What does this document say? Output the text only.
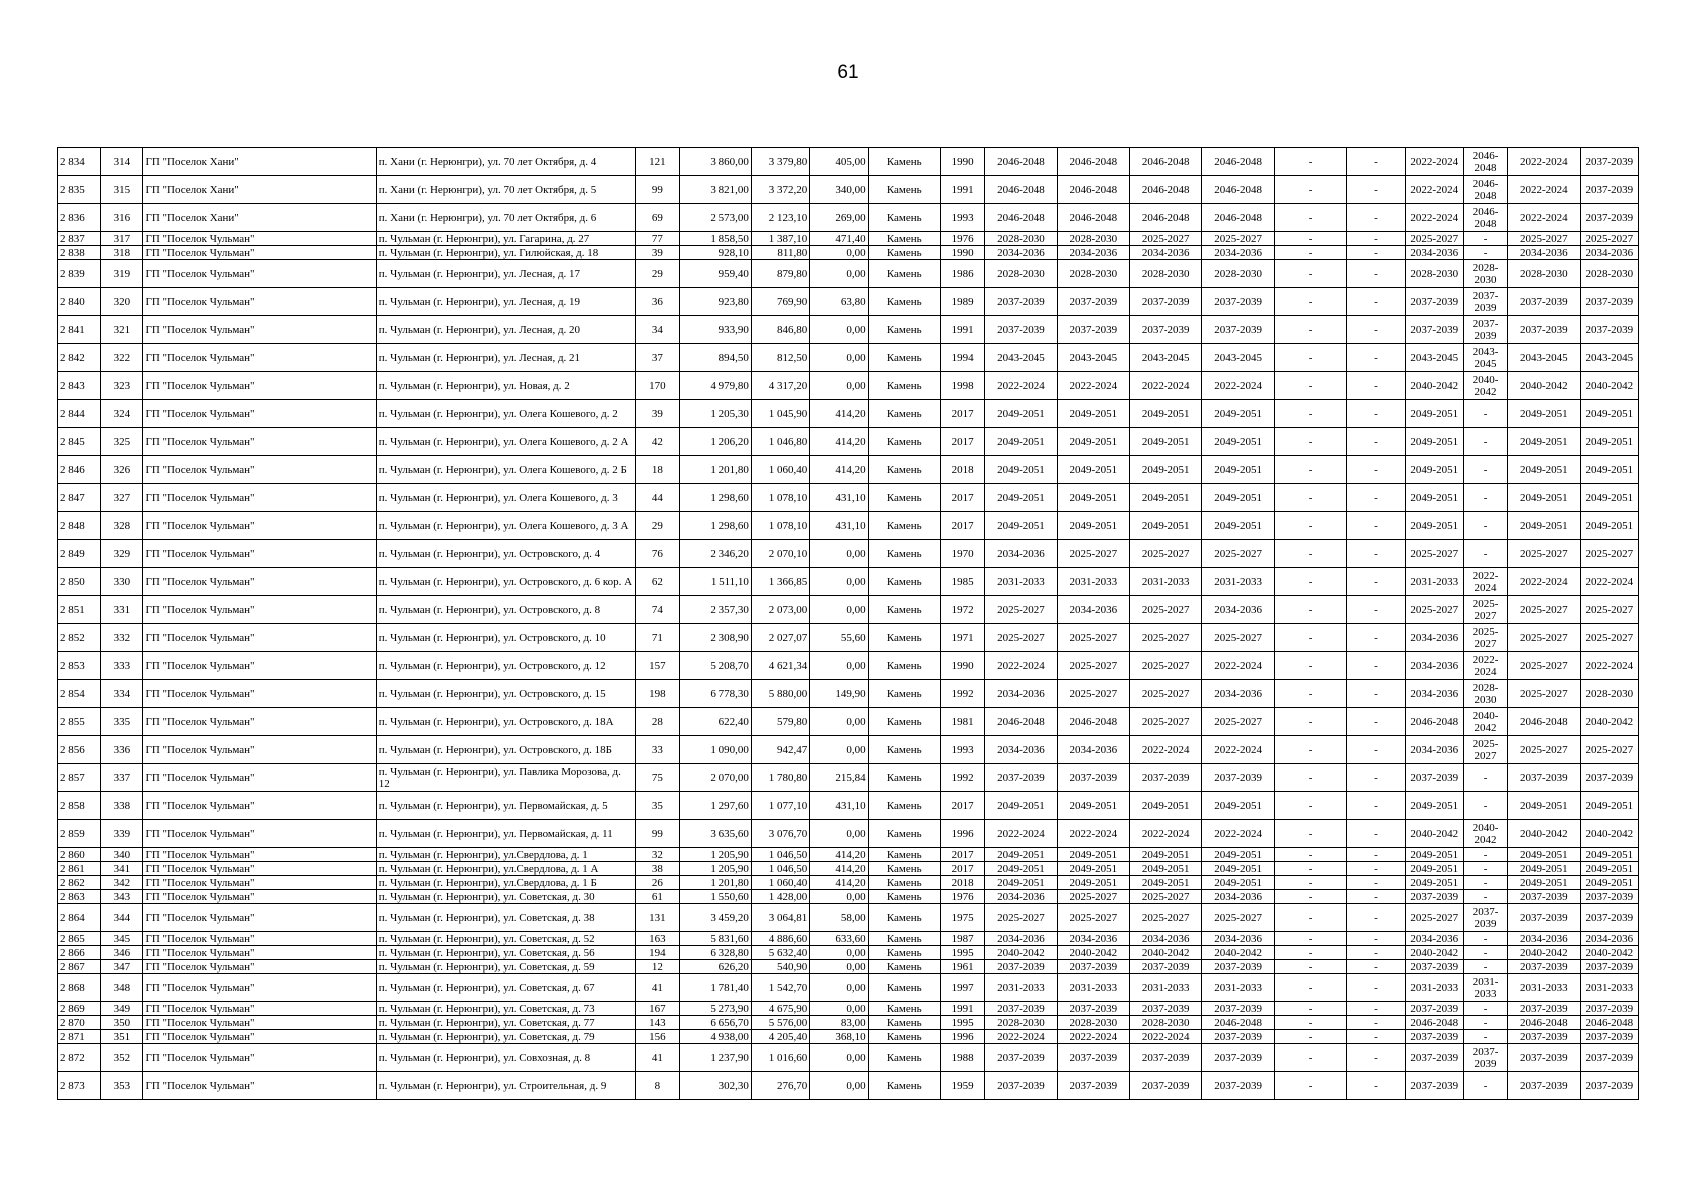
61
2 834	314	ГП "Поселок Хани"	п. Хани (г. Нерюнгри), ул. 70 лет Октября, д. 4	121	3 860,00	3 379,80	405,00	Камень	1990	2046-2048	2046-2048	2046-2048	2046-2048	-	-	2022-2024	2046-2048	2022-2024	2037-2039
2 835	315	ГП "Поселок Хани"	п. Хани (г. Нерюнгри), ул. 70 лет Октября, д. 5	99	3 821,00	3 372,20	340,00	Камень	1991	2046-2048	2046-2048	2046-2048	2046-2048	-	-	2022-2024	2046-2048	2022-2024	2037-2039
2 836	316	ГП "Поселок Хани"	п. Хани (г. Нерюнгри), ул. 70 лет Октября, д. 6	69	2 573,00	2 123,10	269,00	Камень	1993	2046-2048	2046-2048	2046-2048	2046-2048	-	-	2022-2024	2046-2048	2022-2024	2037-2039
2 837	317	ГП "Поселок Чульман"	п. Чульман (г. Нерюнгри), ул. Гагарина, д. 27	77	1 858,50	1 387,10	471,40	Камень	1976	2028-2030	2028-2030	2025-2027	2025-2027	-	-	2025-2027	-	2025-2027	2025-2027
2 838	318	ГП "Поселок Чульман"	п. Чульман (г. Нерюнгри), ул. Гилюйская, д. 18	39	928,10	811,80	0,00	Камень	1990	2034-2036	2034-2036	2034-2036	2034-2036	-	-	2034-2036	-	2034-2036	2034-2036
2 839	319	ГП "Поселок Чульман"	п. Чульман (г. Нерюнгри), ул. Лесная, д. 17	29	959,40	879,80	0,00	Камень	1986	2028-2030	2028-2030	2028-2030	2028-2030	-	-	2028-2030	2028-2030	2028-2030	2028-2030
2 840	320	ГП "Поселок Чульман"	п. Чульман (г. Нерюнгри), ул. Лесная, д. 19	36	923,80	769,90	63,80	Камень	1989	2037-2039	2037-2039	2037-2039	2037-2039	-	-	2037-2039	2037-2039	2037-2039	2037-2039
2 841	321	ГП "Поселок Чульман"	п. Чульман (г. Нерюнгри), ул. Лесная, д. 20	34	933,90	846,80	0,00	Камень	1991	2037-2039	2037-2039	2037-2039	2037-2039	-	-	2037-2039	2037-2039	2037-2039	2037-2039
2 842	322	ГП "Поселок Чульман"	п. Чульман (г. Нерюнгри), ул. Лесная, д. 21	37	894,50	812,50	0,00	Камень	1994	2043-2045	2043-2045	2043-2045	2043-2045	-	-	2043-2045	2043-2045	2043-2045	2043-2045
2 843	323	ГП "Поселок Чульман"	п. Чульман (г. Нерюнгри), ул. Новая, д. 2	170	4 979,80	4 317,20	0,00	Камень	1998	2022-2024	2022-2024	2022-2024	2022-2024	-	-	2040-2042	2040-2042	2040-2042	2040-2042
2 844	324	ГП "Поселок Чульман"	п. Чульман (г. Нерюнгри), ул. Олега Кошевого, д. 2	39	1 205,30	1 045,90	414,20	Камень	2017	2049-2051	2049-2051	2049-2051	2049-2051	-	-	2049-2051	-	2049-2051	2049-2051
2 845	325	ГП "Поселок Чульман"	п. Чульман (г. Нерюнгри), ул. Олега Кошевого, д. 2 А	42	1 206,20	1 046,80	414,20	Камень	2017	2049-2051	2049-2051	2049-2051	2049-2051	-	-	2049-2051	-	2049-2051	2049-2051
2 846	326	ГП "Поселок Чульман"	п. Чульман (г. Нерюнгри), ул. Олега Кошевого, д. 2 Б	18	1 201,80	1 060,40	414,20	Камень	2018	2049-2051	2049-2051	2049-2051	2049-2051	-	-	2049-2051	-	2049-2051	2049-2051
2 847	327	ГП "Поселок Чульман"	п. Чульман (г. Нерюнгри), ул. Олега Кошевого, д. 3	44	1 298,60	1 078,10	431,10	Камень	2017	2049-2051	2049-2051	2049-2051	2049-2051	-	-	2049-2051	-	2049-2051	2049-2051
2 848	328	ГП "Поселок Чульман"	п. Чульман (г. Нерюнгри), ул. Олега Кошевого, д. 3 А	29	1 298,60	1 078,10	431,10	Камень	2017	2049-2051	2049-2051	2049-2051	2049-2051	-	-	2049-2051	-	2049-2051	2049-2051
2 849	329	ГП "Поселок Чульман"	п. Чульман (г. Нерюнгри), ул. Островского, д. 4	76	2 346,20	2 070,10	0,00	Камень	1970	2034-2036	2025-2027	2025-2027	2025-2027	-	-	2025-2027	-	2025-2027	2025-2027
2 850	330	ГП "Поселок Чульман"	п. Чульман (г. Нерюнгри), ул. Островского, д. 6 кор. А	62	1 511,10	1 366,85	0,00	Камень	1985	2031-2033	2031-2033	2031-2033	2031-2033	-	-	2031-2033	2022-2024	2022-2024	2022-2024
2 851	331	ГП "Поселок Чульман"	п. Чульман (г. Нерюнгри), ул. Островского, д. 8	74	2 357,30	2 073,00	0,00	Камень	1972	2025-2027	2034-2036	2025-2027	2034-2036	-	-	2025-2027	2025-2027	2025-2027	2025-2027
2 852	332	ГП "Поселок Чульман"	п. Чульман (г. Нерюнгри), ул. Островского, д. 10	71	2 308,90	2 027,07	55,60	Камень	1971	2025-2027	2025-2027	2025-2027	2025-2027	-	-	2034-2036	2025-2027	2025-2027	2025-2027
2 853	333	ГП "Поселок Чульман"	п. Чульман (г. Нерюнгри), ул. Островского, д. 12	157	5 208,70	4 621,34	0,00	Камень	1990	2022-2024	2025-2027	2025-2027	2022-2024	-	-	2034-2036	2022-2024	2025-2027	2022-2024
2 854	334	ГП "Поселок Чульман"	п. Чульман (г. Нерюнгри), ул. Островского, д. 15	198	6 778,30	5 880,00	149,90	Камень	1992	2034-2036	2025-2027	2025-2027	2034-2036	-	-	2034-2036	2028-2030	2025-2027	2028-2030
2 855	335	ГП "Поселок Чульман"	п. Чульман (г. Нерюнгри), ул. Островского, д. 18А	28	622,40	579,80	0,00	Камень	1981	2046-2048	2046-2048	2025-2027	2025-2027	-	-	2046-2048	2040-2042	2046-2048	2040-2042
2 856	336	ГП "Поселок Чульман"	п. Чульман (г. Нерюнгри), ул. Островского, д. 18Б	33	1 090,00	942,47	0,00	Камень	1993	2034-2036	2034-2036	2022-2024	2022-2024	-	-	2034-2036	2025-2027	2025-2027	2025-2027
2 857	337	ГП "Поселок Чульман"	п. Чульман (г. Нерюнгри), ул. Павлика Морозова, д. 12	75	2 070,00	1 780,80	215,84	Камень	1992	2037-2039	2037-2039	2037-2039	2037-2039	-	-	2037-2039	-	2037-2039	2037-2039
2 858	338	ГП "Поселок Чульман"	п. Чульман (г. Нерюнгри), ул. Первомайская, д. 5	35	1 297,60	1 077,10	431,10	Камень	2017	2049-2051	2049-2051	2049-2051	2049-2051	-	-	2049-2051	-	2049-2051	2049-2051
2 859	339	ГП "Поселок Чульман"	п. Чульман (г. Нерюнгри), ул. Первомайская, д. 11	99	3 635,60	3 076,70	0,00	Камень	1996	2022-2024	2022-2024	2022-2024	2022-2024	-	-	2040-2042	2040-2042	2040-2042	2040-2042
2 860	340	ГП "Поселок Чульман"	п. Чульман (г. Нерюнгри), ул.Свердлова, д. 1	32	1 205,90	1 046,50	414,20	Камень	2017	2049-2051	2049-2051	2049-2051	2049-2051	-	-	2049-2051	-	2049-2051	2049-2051
2 861	341	ГП "Поселок Чульман"	п. Чульман (г. Нерюнгри), ул.Свердлова, д. 1 А	38	1 205,90	1 046,50	414,20	Камень	2017	2049-2051	2049-2051	2049-2051	2049-2051	-	-	2049-2051	-	2049-2051	2049-2051
2 862	342	ГП "Поселок Чульман"	п. Чульман (г. Нерюнгри), ул.Свердлова, д. 1 Б	26	1 201,80	1 060,40	414,20	Камень	2018	2049-2051	2049-2051	2049-2051	2049-2051	-	-	2049-2051	-	2049-2051	2049-2051
2 863	343	ГП "Поселок Чульман"	п. Чульман (г. Нерюнгри), ул. Советская, д. 30	61	1 550,60	1 428,00	0,00	Камень	1976	2034-2036	2025-2027	2025-2027	2034-2036	-	-	2037-2039	-	2037-2039	2037-2039
2 864	344	ГП "Поселок Чульман"	п. Чульман (г. Нерюнгри), ул. Советская, д. 38	131	3 459,20	3 064,81	58,00	Камень	1975	2025-2027	2025-2027	2025-2027	2025-2027	-	-	2025-2027	2037-2039	2037-2039	2037-2039
2 865	345	ГП "Поселок Чульман"	п. Чульман (г. Нерюнгри), ул. Советская, д. 52	163	5 831,60	4 886,60	633,60	Камень	1987	2034-2036	2034-2036	2034-2036	2034-2036	-	-	2034-2036	-	2034-2036	2034-2036
2 866	346	ГП "Поселок Чульман"	п. Чульман (г. Нерюнгри), ул. Советская, д. 56	194	6 328,80	5 632,40	0,00	Камень	1995	2040-2042	2040-2042	2040-2042	2040-2042	-	-	2040-2042	-	2040-2042	2040-2042
2 867	347	ГП "Поселок Чульман"	п. Чульман (г. Нерюнгри), ул. Советская, д. 59	12	626,20	540,90	0,00	Камень	1961	2037-2039	2037-2039	2037-2039	2037-2039	-	-	2037-2039	-	2037-2039	2037-2039
2 868	348	ГП "Поселок Чульман"	п. Чульман (г. Нерюнгри), ул. Советская, д. 67	41	1 781,40	1 542,70	0,00	Камень	1997	2031-2033	2031-2033	2031-2033	2031-2033	-	-	2031-2033	2031-2033	2031-2033	2031-2033
2 869	349	ГП "Поселок Чульман"	п. Чульман (г. Нерюнгри), ул. Советская, д. 73	167	5 273,90	4 675,90	0,00	Камень	1991	2037-2039	2037-2039	2037-2039	2037-2039	-	-	2037-2039	-	2037-2039	2037-2039
2 870	350	ГП "Поселок Чульман"	п. Чульман (г. Нерюнгри), ул. Советская, д. 77	143	6 656,70	5 576,00	83,00	Камень	1995	2028-2030	2028-2030	2028-2030	2046-2048	-	-	2046-2048	-	2046-2048	2046-2048
2 871	351	ГП "Поселок Чульман"	п. Чульман (г. Нерюнгри), ул. Советская, д. 79	156	4 938,00	4 205,40	368,10	Камень	1996	2022-2024	2022-2024	2022-2024	2037-2039	-	-	2037-2039	-	2037-2039	2037-2039
2 872	352	ГП "Поселок Чульман"	п. Чульман (г. Нерюнгри), ул. Совхозная, д. 8	41	1 237,90	1 016,60	0,00	Камень	1988	2037-2039	2037-2039	2037-2039	2037-2039	-	-	2037-2039	2037-2039	2037-2039	2037-2039
2 873	353	ГП "Поселок Чульман"	п. Чульман (г. Нерюнгри), ул. Строительная, д. 9	8	302,30	276,70	0,00	Камень	1959	2037-2039	2037-2039	2037-2039	2037-2039	-	-	2037-2039	-	2037-2039	2037-2039
